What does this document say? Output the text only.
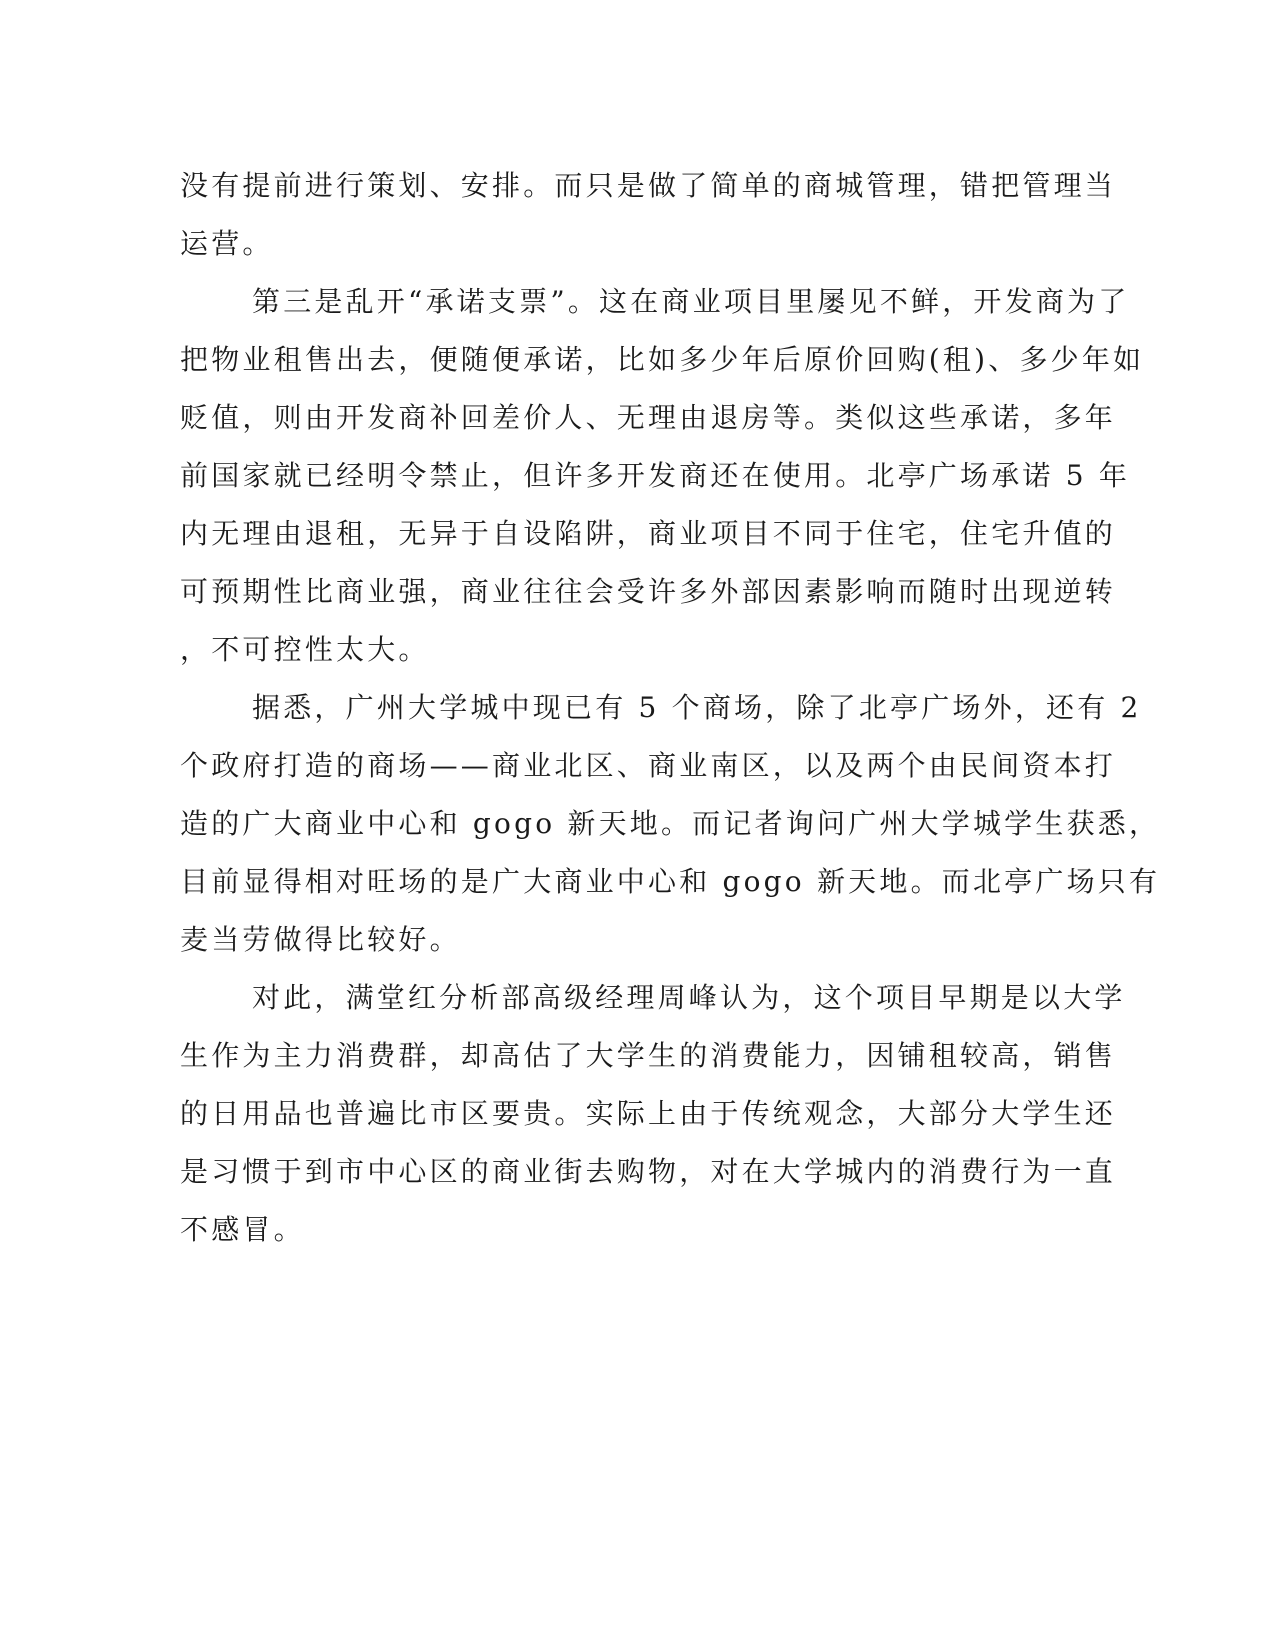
没有提前进行策划、安排。而只是做了简单的商城管理，错把管理当
运营。
第三是乱开“承诺支票”。这在商业项目里屡见不鲜，开发商为了
把物业租售出去，便随便承诺，比如多少年后原价回购(租)、多少年如
贬值，则由开发商补回差价人、无理由退房等。类似这些承诺，多年
前国家就已经明令禁止，但许多开发商还在使用。北亭广场承诺 5 年
内无理由退租，无异于自设陷阱，商业项目不同于住宅，住宅升值的
可预期性比商业强，商业往往会受许多外部因素影响而随时出现逆转
，不可控性太大。
据悉，广州大学城中现已有 5 个商场，除了北亭广场外，还有 2
个政府打造的商场——商业北区、商业南区，以及两个由民间资本打
造的广大商业中心和 gogo 新天地。而记者询问广州大学城学生获悉，
目前显得相对旺场的是广大商业中心和 gogo 新天地。而北亭广场只有
麦当劳做得比较好。
对此，满堂红分析部高级经理周峰认为，这个项目早期是以大学
生作为主力消费群，却高估了大学生的消费能力，因铺租较高，销售
的日用品也普遍比市区要贵。实际上由于传统观念，大部分大学生还
是习惯于到市中心区的商业街去购物，对在大学城内的消费行为一直
不感冒。
